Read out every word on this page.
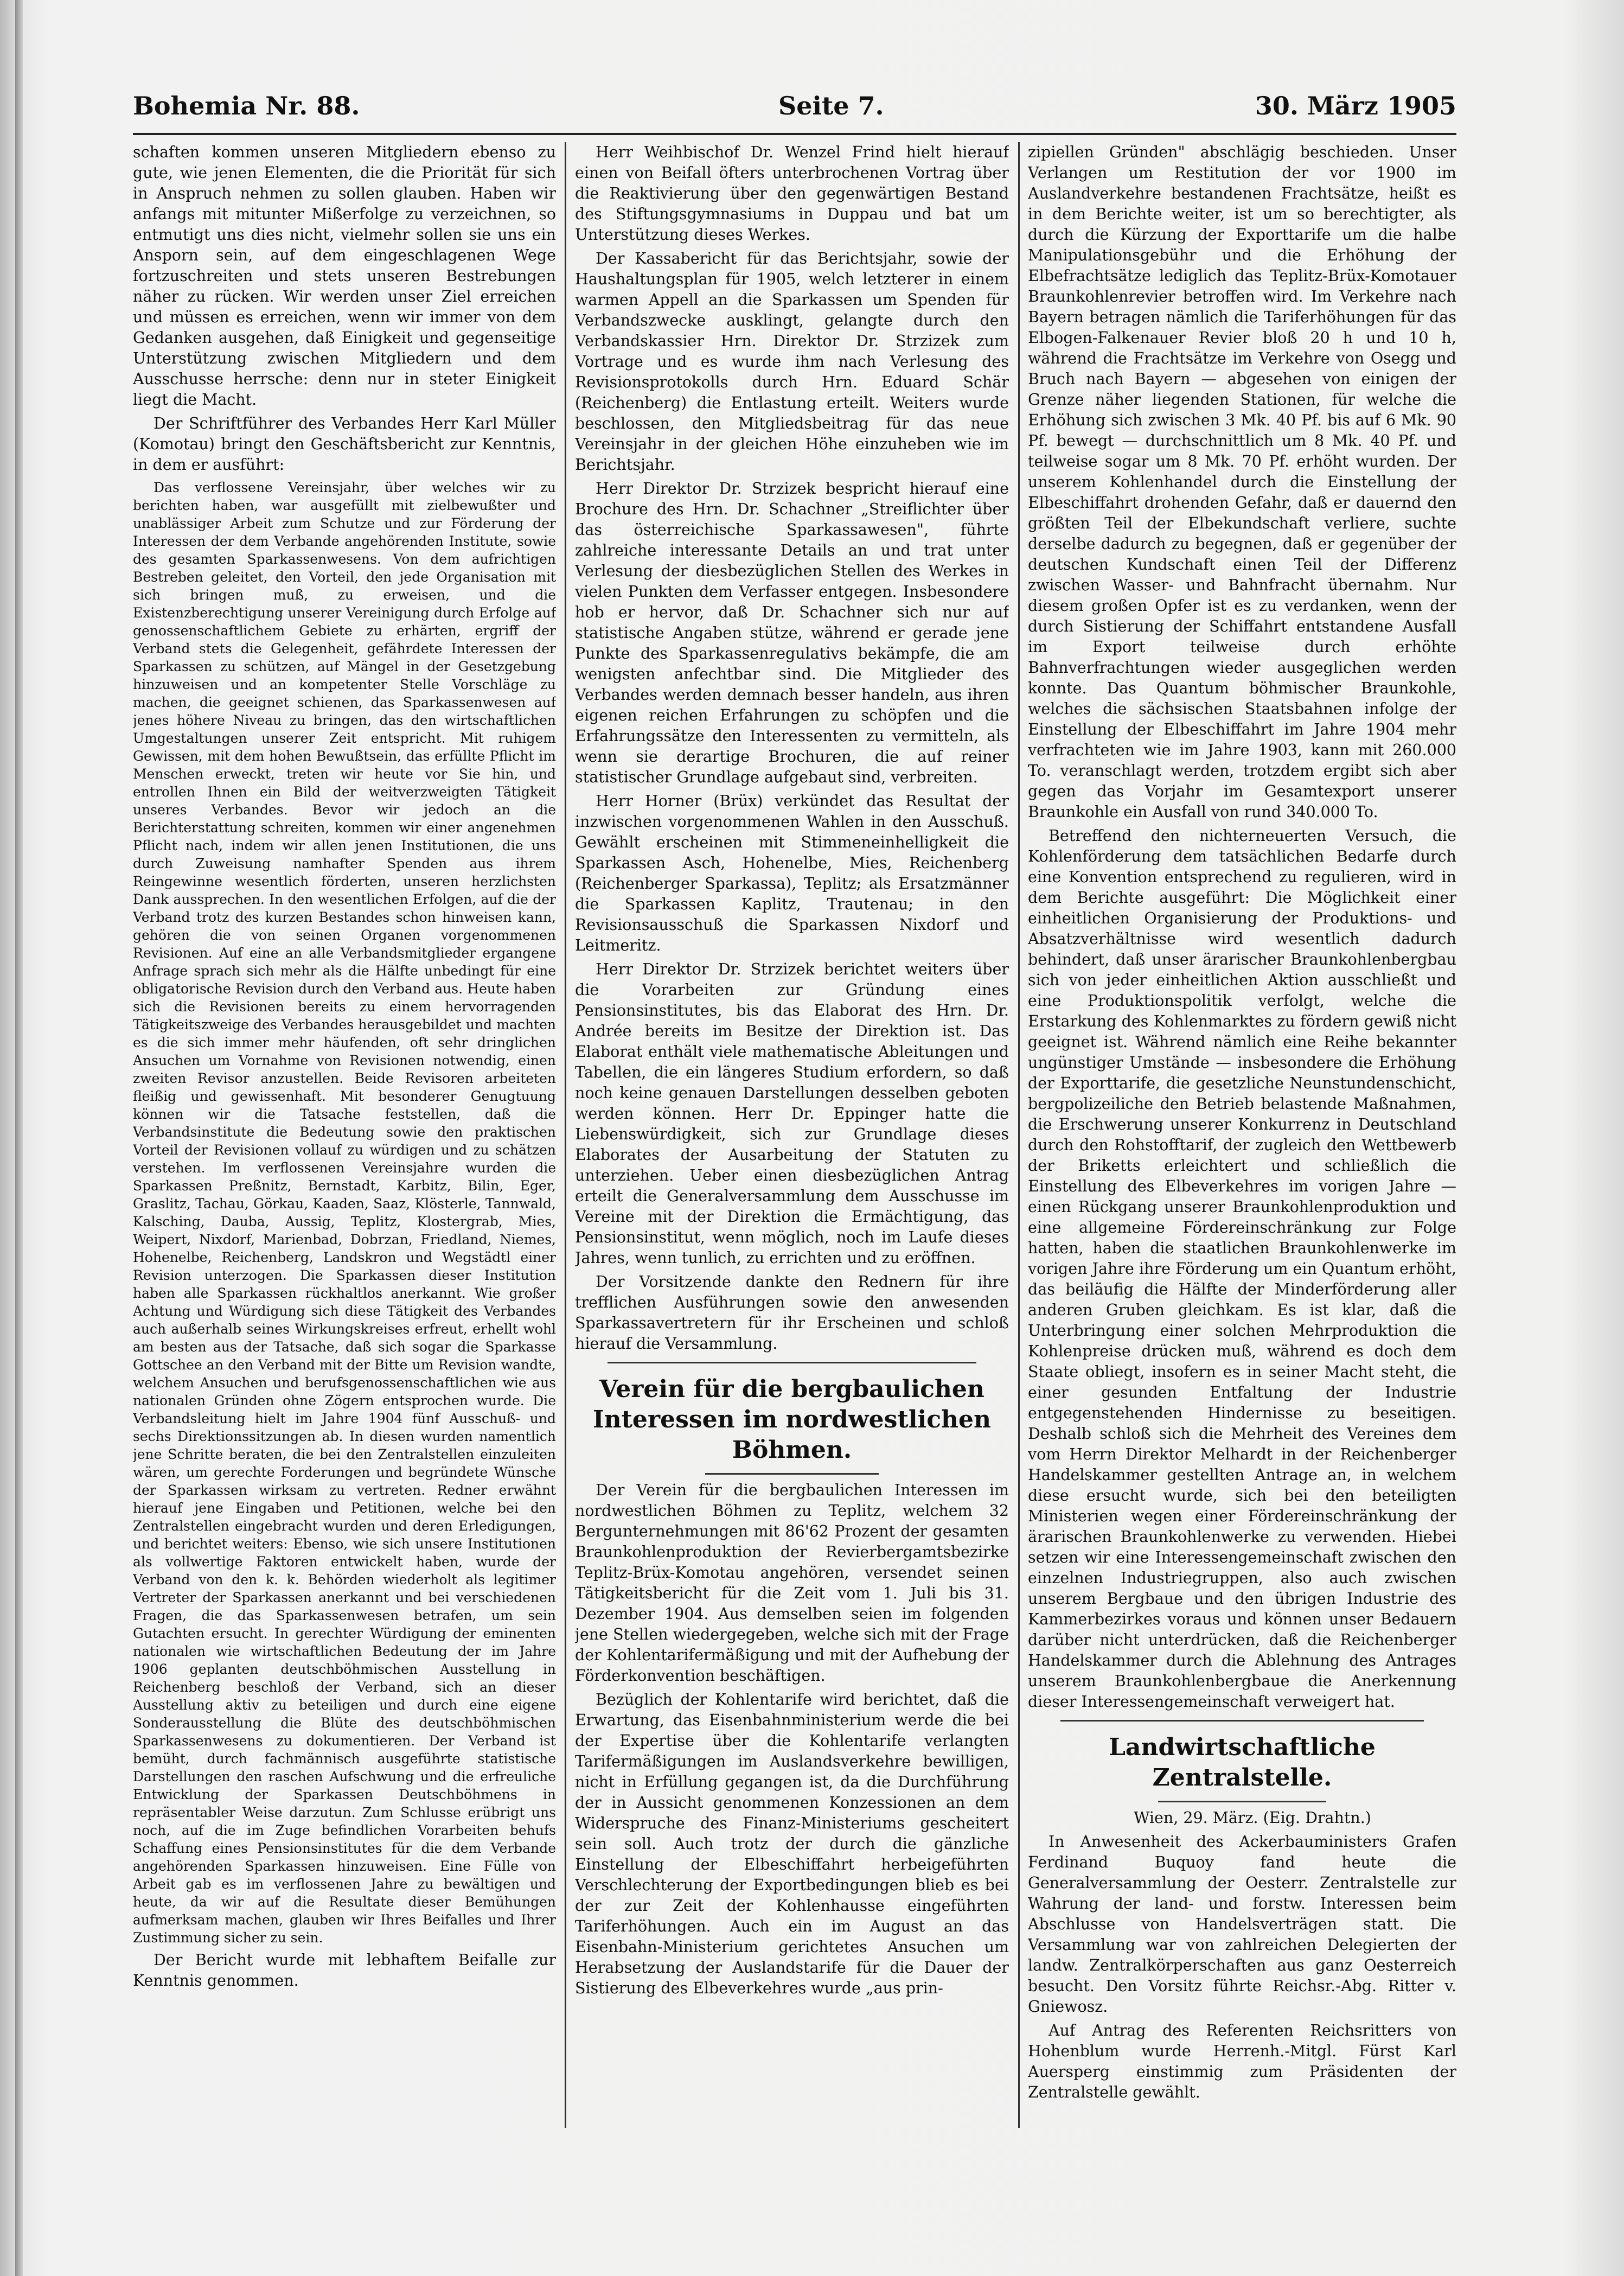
Bohemia Nr. 88.	Seite 7.	30. März 1905

schaften kommen unseren Mitgliedern ebenso zu gute, wie jenen Elementen, die die Priorität für sich in Anspruch nehmen zu sollen glauben. Haben wir anfangs mit mitunter Mißerfolge zu verzeichnen, so entmutigt uns dies nicht, vielmehr sollen sie uns ein Ansporn sein, auf dem eingeschlagenen Wege fortzuschreiten und stets unseren Bestrebungen näher zu rücken. Wir werden unser Ziel erreichen und müssen es erreichen, wenn wir immer von dem Gedanken ausgehen, daß Einigkeit und gegenseitige Unterstützung zwischen Mitgliedern und dem Ausschusse herrsche: denn nur in steter Einigkeit liegt die Macht.

Der Schriftführer des Verbandes Herr Karl Müller (Komotau) bringt den Geschäftsbericht zur Kenntnis, in dem er ausführt:

Das verflossene Vereinsjahr, über welches wir zu berichten haben, war ausgefüllt mit zielbewußter und unablässiger Arbeit zum Schutze und zur Förderung der Interessen der dem Verbande angehörenden Institute, sowie des gesamten Sparkassenwesens. Von dem aufrichtigen Bestreben geleitet, den Vorteil, den jede Organisation mit sich bringen muß, zu erweisen, und die Existenzberechtigung unserer Vereinigung durch Erfolge auf genossenschaftlichem Gebiete zu erhärten, ergriff der Verband stets die Gelegenheit, gefährdete Interessen der Sparkassen zu schützen, auf Mängel in der Gesetzgebung hinzuweisen und an kompetenter Stelle Vorschläge zu machen, die geeignet schienen, das Sparkassenwesen auf jenes höhere Niveau zu bringen, das den wirtschaftlichen Umgestaltungen unserer Zeit entspricht. Mit ruhigem Gewissen, mit dem hohen Bewußtsein, das erfüllte Pflicht im Menschen erweckt, treten wir heute vor Sie hin, und entrollen Ihnen ein Bild der weitverzweigten Tätigkeit unseres Verbandes. Bevor wir jedoch an die Berichterstattung schreiten, kommen wir einer angenehmen Pflicht nach, indem wir allen jenen Institutionen, die uns durch Zuweisung namhafter Spenden aus ihrem Reingewinne wesentlich förderten, unseren herzlichsten Dank aussprechen. In den wesentlichen Erfolgen, auf die der Verband trotz des kurzen Bestandes schon hinweisen kann, gehören die von seinen Organen vorgenommenen Revisionen. Auf eine an alle Verbandsmitglieder ergangene Anfrage sprach sich mehr als die Hälfte unbedingt für eine obligatorische Revision durch den Verband aus. Heute haben sich die Revisionen bereits zu einem hervorragenden Tätigkeitszweige des Verbandes herausgebildet und machten es die sich immer mehr häufenden, oft sehr dringlichen Ansuchen um Vornahme von Revisionen notwendig, einen zweiten Revisor anzustellen. Beide Revisoren arbeiteten fleißig und gewissenhaft. Mit besonderer Genugtuung können wir die Tatsache feststellen, daß die Verbandsinstitute die Bedeutung sowie den praktischen Vorteil der Revisionen vollauf zu würdigen und zu schätzen verstehen. Im verflossenen Vereinsjahre wurden die Sparkassen Preßnitz, Bernstadt, Karbitz, Bilin, Eger, Graslitz, Tachau, Görkau, Kaaden, Saaz, Klösterle, Tannwald, Kalsching, Dauba, Aussig, Teplitz, Klostergrab, Mies, Weipert, Nixdorf, Marienbad, Dobrzan, Friedland, Niemes, Hohenelbe, Reichenberg, Landskron und Wegstädtl einer Revision unterzogen. Die Sparkassen dieser Institution haben alle Sparkassen rückhaltlos anerkannt. Wie großer Achtung und Würdigung sich diese Tätigkeit des Verbandes auch außerhalb seines Wirkungskreises erfreut, erhellt wohl am besten aus der Tatsache, daß sich sogar die Sparkasse Gottschee an den Verband mit der Bitte um Revision wandte, welchem Ansuchen und berufsgenossenschaftlichen wie aus nationalen Gründen ohne Zögern entsprochen wurde. Die Verbandsleitung hielt im Jahre 1904 fünf Ausschuß- und sechs Direktionssitzungen ab. In diesen wurden namentlich jene Schritte beraten, die bei den Zentralstellen einzuleiten wären, um gerechte Forderungen und begründete Wünsche der Sparkassen wirksam zu vertreten. Redner erwähnt hierauf jene Eingaben und Petitionen, welche bei den Zentralstellen eingebracht wurden und deren Erledigungen, und berichtet weiters: Ebenso, wie sich unsere Institutionen als vollwertige Faktoren entwickelt haben, wurde der Verband von den k. k. Behörden wiederholt als legitimer Vertreter der Sparkassen anerkannt und bei verschiedenen Fragen, die das Sparkassenwesen betrafen, um sein Gutachten ersucht. In gerechter Würdigung der eminenten nationalen wie wirtschaftlichen Bedeutung der im Jahre 1906 geplanten deutschböhmischen Ausstellung in Reichenberg beschloß der Verband, sich an dieser Ausstellung aktiv zu beteiligen und durch eine eigene Sonderausstellung die Blüte des deutschböhmischen Sparkassenwesens zu dokumentieren. Der Verband ist bemüht, durch fachmännisch ausgeführte statistische Darstellungen den raschen Aufschwung und die erfreuliche Entwicklung der Sparkassen Deutschböhmens in repräsentabler Weise darzutun. Zum Schlusse erübrigt uns noch, auf die im Zuge befindlichen Vorarbeiten behufs Schaffung eines Pensionsinstitutes für die dem Verbande angehörenden Sparkassen hinzuweisen. Eine Fülle von Arbeit gab es im verflossenen Jahre zu bewältigen und heute, da wir auf die Resultate dieser Bemühungen aufmerksam machen, glauben wir Ihres Beifalles und Ihrer Zustimmung sicher zu sein.

Der Bericht wurde mit lebhaftem Beifalle zur Kenntnis genommen.

Herr Weihbischof Dr. Wenzel Frind hielt hierauf einen von Beifall öfters unterbrochenen Vortrag über die Reaktivierung über den gegenwärtigen Bestand des Stiftungsgymnasiums in Duppau und bat um Unterstützung dieses Werkes.

Der Kassabericht für das Berichtsjahr, sowie der Haushaltungsplan für 1905, welch letzterer in einem warmen Appell an die Sparkassen um Spenden für Verbandszwecke ausklingt, gelangte durch den Verbandskassier Hrn. Direktor Dr. Strzizek zum Vortrage und es wurde ihm nach Verlesung des Revisionsprotokolls durch Hrn. Eduard Schär (Reichenberg) die Entlastung erteilt. Weiters wurde beschlossen, den Mitgliedsbeitrag für das neue Vereinsjahr in der gleichen Höhe einzuheben wie im Berichtsjahr.

Herr Direktor Dr. Strzizek bespricht hierauf eine Brochure des Hrn. Dr. Schachner „Streiflichter über das österreichische Sparkassawesen", führte zahlreiche interessante Details an und trat unter Verlesung der diesbezüglichen Stellen des Werkes in vielen Punkten dem Verfasser entgegen. Insbesondere hob er hervor, daß Dr. Schachner sich nur auf statistische Angaben stütze, während er gerade jene Punkte des Sparkassenregulativs bekämpfe, die am wenigsten anfechtbar sind. Die Mitglieder des Verbandes werden demnach besser handeln, aus ihren eigenen reichen Erfahrungen zu schöpfen und die Erfahrungssätze den Interessenten zu vermitteln, als wenn sie derartige Brochuren, die auf reiner statistischer Grundlage aufgebaut sind, verbreiten.

Herr Horner (Brüx) verkündet das Resultat der inzwischen vorgenommenen Wahlen in den Ausschuß. Gewählt erscheinen mit Stimmeneinhelligkeit die Sparkassen Asch, Hohenelbe, Mies, Reichenberg (Reichenberger Sparkassa), Teplitz; als Ersatzmänner die Sparkassen Kaplitz, Trautenau; in den Revisionsausschuß die Sparkassen Nixdorf und Leitmeritz.

Herr Direktor Dr. Strzizek berichtet weiters über die Vorarbeiten zur Gründung eines Pensionsinstitutes, bis das Elaborat des Hrn. Dr. Andrée bereits im Besitze der Direktion ist. Das Elaborat enthält viele mathematische Ableitungen und Tabellen, die ein längeres Studium erfordern, so daß noch keine genauen Darstellungen desselben geboten werden können. Herr Dr. Eppinger hatte die Liebenswürdigkeit, sich zur Grundlage dieses Elaborates der Ausarbeitung der Statuten zu unterziehen. Ueber einen diesbezüglichen Antrag erteilt die Generalversammlung dem Ausschusse im Vereine mit der Direktion die Ermächtigung, das Pensionsinstitut, wenn möglich, noch im Laufe dieses Jahres, wenn tunlich, zu errichten und zu eröffnen.

Der Vorsitzende dankte den Rednern für ihre trefflichen Ausführungen sowie den anwesenden Sparkassavertretern für ihr Erscheinen und schloß hierauf die Versammlung.

Verein für die bergbaulichen Interessen im nordwestlichen Böhmen.

Der Verein für die bergbaulichen Interessen im nordwestlichen Böhmen zu Teplitz, welchem 32 Bergunternehmungen mit 86'62 Prozent der gesamten Braunkohlenproduktion der Revierbergamtsbezirke Teplitz-Brüx-Komotau angehören, versendet seinen Tätigkeitsbericht für die Zeit vom 1. Juli bis 31. Dezember 1904. Aus demselben seien im folgenden jene Stellen wiedergegeben, welche sich mit der Frage der Kohlentarifermäßigung und mit der Aufhebung der Förderkonvention beschäftigen.

Bezüglich der Kohlentarife wird berichtet, daß die Erwartung, das Eisenbahnministerium werde die bei der Expertise über die Kohlentarife verlangten Tarifermäßigungen im Auslandsverkehre bewilligen, nicht in Erfüllung gegangen ist, da die Durchführung der in Aussicht genommenen Konzessionen an dem Widerspruche des Finanz-Ministeriums gescheitert sein soll. Auch trotz der durch die gänzliche Einstellung der Elbeschiffahrt herbeigeführten Verschlechterung der Exportbedingungen blieb es bei der zur Zeit der Kohlenhausse eingeführten Tariferhöhungen. Auch ein im August an das Eisenbahn-Ministerium gerichtetes Ansuchen um Herabsetzung der Auslandstarife für die Dauer der Sistierung des Elbeverkehres wurde „aus prin-

zipiellen Gründen" abschlägig beschieden. Unser Verlangen um Restitution der vor 1900 im Auslandverkehre bestandenen Frachtsätze, heißt es in dem Berichte weiter, ist um so berechtigter, als durch die Kürzung der Exporttarife um die halbe Manipulationsgebühr und die Erhöhung der Elbefrachtsätze lediglich das Teplitz-Brüx-Komotauer Braunkohlenrevier betroffen wird. Im Verkehre nach Bayern betragen nämlich die Tariferhöhungen für das Elbogen-Falkenauer Revier bloß 20 h und 10 h, während die Frachtsätze im Verkehre von Osegg und Bruch nach Bayern — abgesehen von einigen der Grenze näher liegenden Stationen, für welche die Erhöhung sich zwischen 3 Mk. 40 Pf. bis auf 6 Mk. 90 Pf. bewegt — durchschnittlich um 8 Mk. 40 Pf. und teilweise sogar um 8 Mk. 70 Pf. erhöht wurden. Der unserem Kohlenhandel durch die Einstellung der Elbeschiffahrt drohenden Gefahr, daß er dauernd den größten Teil der Elbekundschaft verliere, suchte derselbe dadurch zu begegnen, daß er gegenüber der deutschen Kundschaft einen Teil der Differenz zwischen Wasser- und Bahnfracht übernahm. Nur diesem großen Opfer ist es zu verdanken, wenn der durch Sistierung der Schiffahrt entstandene Ausfall im Export teilweise durch erhöhte Bahnverfrachtungen wieder ausgeglichen werden konnte. Das Quantum böhmischer Braunkohle, welches die sächsischen Staatsbahnen infolge der Einstellung der Elbeschiffahrt im Jahre 1904 mehr verfrachteten wie im Jahre 1903, kann mit 260.000 To. veranschlagt werden, trotzdem ergibt sich aber gegen das Vorjahr im Gesamtexport unserer Braunkohle ein Ausfall von rund 340.000 To.

Betreffend den nichterneuerten Versuch, die Kohlenförderung dem tatsächlichen Bedarfe durch eine Konvention entsprechend zu regulieren, wird in dem Berichte ausgeführt: Die Möglichkeit einer einheitlichen Organisierung der Produktions- und Absatzverhältnisse wird wesentlich dadurch behindert, daß unser ärarischer Braunkohlenbergbau sich von jeder einheitlichen Aktion ausschließt und eine Produktionspolitik verfolgt, welche die Erstarkung des Kohlenmarktes zu fördern gewiß nicht geeignet ist. Während nämlich eine Reihe bekannter ungünstiger Umstände — insbesondere die Erhöhung der Exporttarife, die gesetzliche Neunstundenschicht, bergpolizeiliche den Betrieb belastende Maßnahmen, die Erschwerung unserer Konkurrenz in Deutschland durch den Rohstofftarif, der zugleich den Wettbewerb der Briketts erleichtert und schließlich die Einstellung des Elbeverkehres im vorigen Jahre — einen Rückgang unserer Braunkohlenproduktion und eine allgemeine Fördereinschränkung zur Folge hatten, haben die staatlichen Braunkohlenwerke im vorigen Jahre ihre Förderung um ein Quantum erhöht, das beiläufig die Hälfte der Minderförderung aller anderen Gruben gleichkam. Es ist klar, daß die Unterbringung einer solchen Mehrproduktion die Kohlenpreise drücken muß, während es doch dem Staate obliegt, insofern es in seiner Macht steht, die einer gesunden Entfaltung der Industrie entgegenstehenden Hindernisse zu beseitigen. Deshalb schloß sich die Mehrheit des Vereines dem vom Herrn Direktor Melhardt in der Reichenberger Handelskammer gestellten Antrage an, in welchem diese ersucht wurde, sich bei den beteiligten Ministerien wegen einer Fördereinschränkung der ärarischen Braunkohlenwerke zu verwenden. Hiebei setzen wir eine Interessengemeinschaft zwischen den einzelnen Industriegruppen, also auch zwischen unserem Bergbaue und den übrigen Industrie des Kammerbezirkes voraus und können unser Bedauern darüber nicht unterdrücken, daß die Reichenberger Handelskammer durch die Ablehnung des Antrages unserem Braunkohlenbergbaue die Anerkennung dieser Interessengemeinschaft verweigert hat.

Landwirtschaftliche Zentralstelle.

Wien, 29. März. (Eig. Drahtn.)

In Anwesenheit des Ackerbauministers Grafen Ferdinand Buquoy fand heute die Generalversammlung der Oesterr. Zentralstelle zur Wahrung der land- und forstw. Interessen beim Abschlusse von Handelsverträgen statt. Die Versammlung war von zahlreichen Delegierten der landw. Zentralkörperschaften aus ganz Oesterreich besucht. Den Vorsitz führte Reichsr.-Abg. Ritter v. Gniewosz.

Auf Antrag des Referenten Reichsritters von Hohenblum wurde Herrenh.-Mitgl. Fürst Karl Auersperg einstimmig zum Präsidenten der Zentralstelle gewählt.
